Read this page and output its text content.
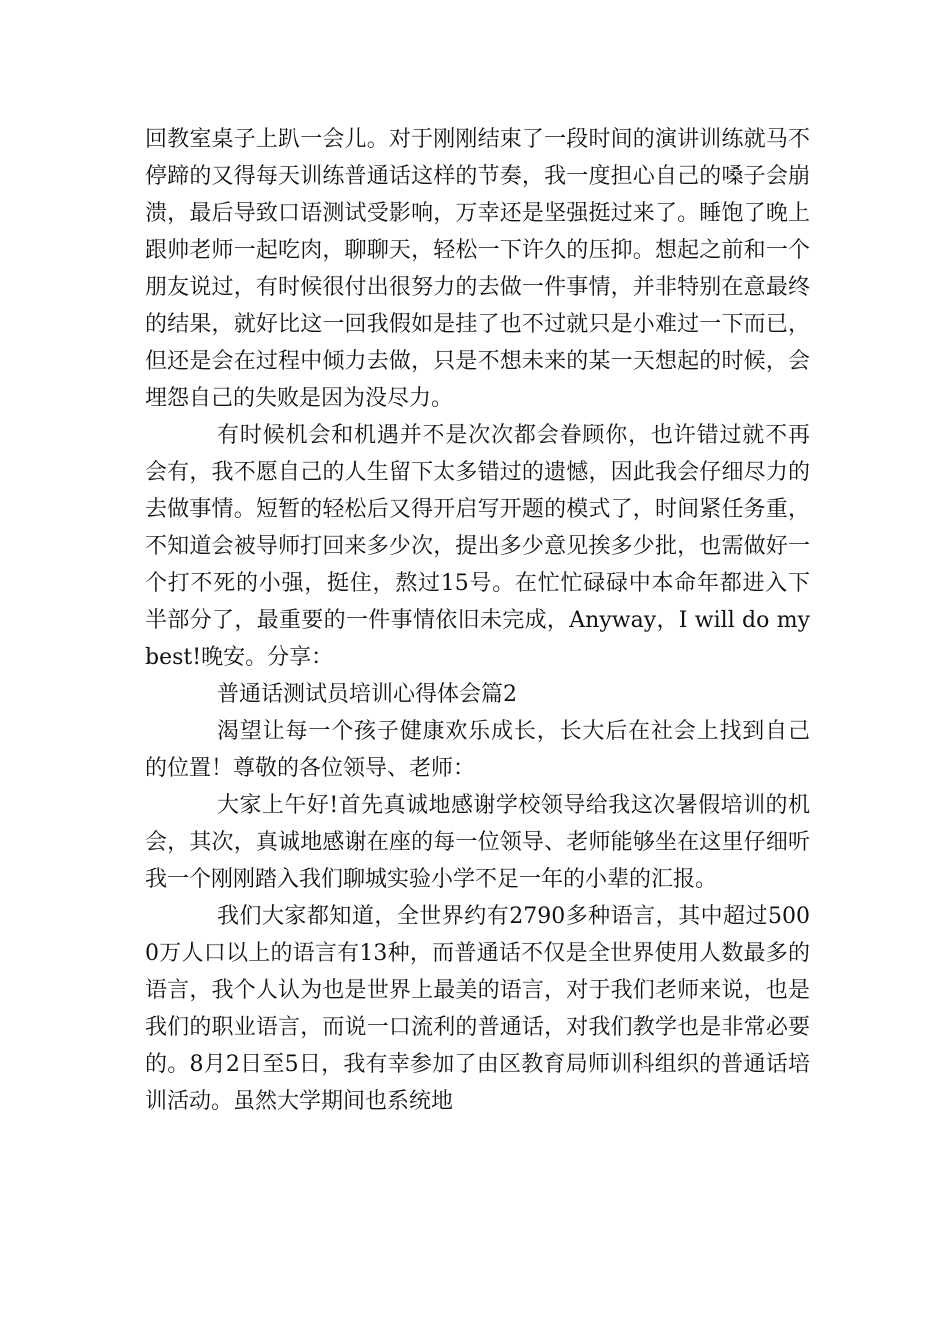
回教室桌子上趴一会儿。对于刚刚结束了一段时间的演讲训练就马不停蹄的又得每天训练普通话这样的节奏，我一度担心自己的嗓子会崩溃，最后导致口语测试受影响，万幸还是坚强挺过来了。睡饱了晚上跟帅老师一起吃肉，聊聊天，轻松一下许久的压抑。想起之前和一个朋友说过，有时候很付出很努力的去做一件事情，并非特别在意最终的结果，就好比这一回我假如是挂了也不过就只是小难过一下而已，但还是会在过程中倾力去做，只是不想未来的某一天想起的时候，会埋怨自己的失败是因为没尽力。

有时候机会和机遇并不是次次都会眷顾你，也许错过就不再会有，我不愿自己的人生留下太多错过的遗憾，因此我会仔细尽力的去做事情。短暂的轻松后又得开启写开题的模式了，时间紧任务重，不知道会被导师打回来多少次，提出多少意见挨多少批，也需做好一个打不死的小强，挺住，熬过15号。在忙忙碌碌中本命年都进入下半部分了，最重要的一件事情依旧未完成，Anyway，I will do my best!晚安。分享：

普通话测试员培训心得体会篇2

渴望让每一个孩子健康欢乐成长，长大后在社会上找到自己的位置！尊敬的各位领导、老师：

大家上午好!首先真诚地感谢学校领导给我这次暑假培训的机会，其次，真诚地感谢在座的每一位领导、老师能够坐在这里仔细听我一个刚刚踏入我们聊城实验小学不足一年的小辈的汇报。

我们大家都知道，全世界约有2790多种语言，其中超过5000万人口以上的语言有13种，而普通话不仅是全世界使用人数最多的语言，我个人认为也是世界上最美的语言，对于我们老师来说，也是我们的职业语言，而说一口流利的普通话，对我们教学也是非常必要的。8月2日至5日，我有幸参加了由区教育局师训科组织的普通话培训活动。虽然大学期间也系统地
